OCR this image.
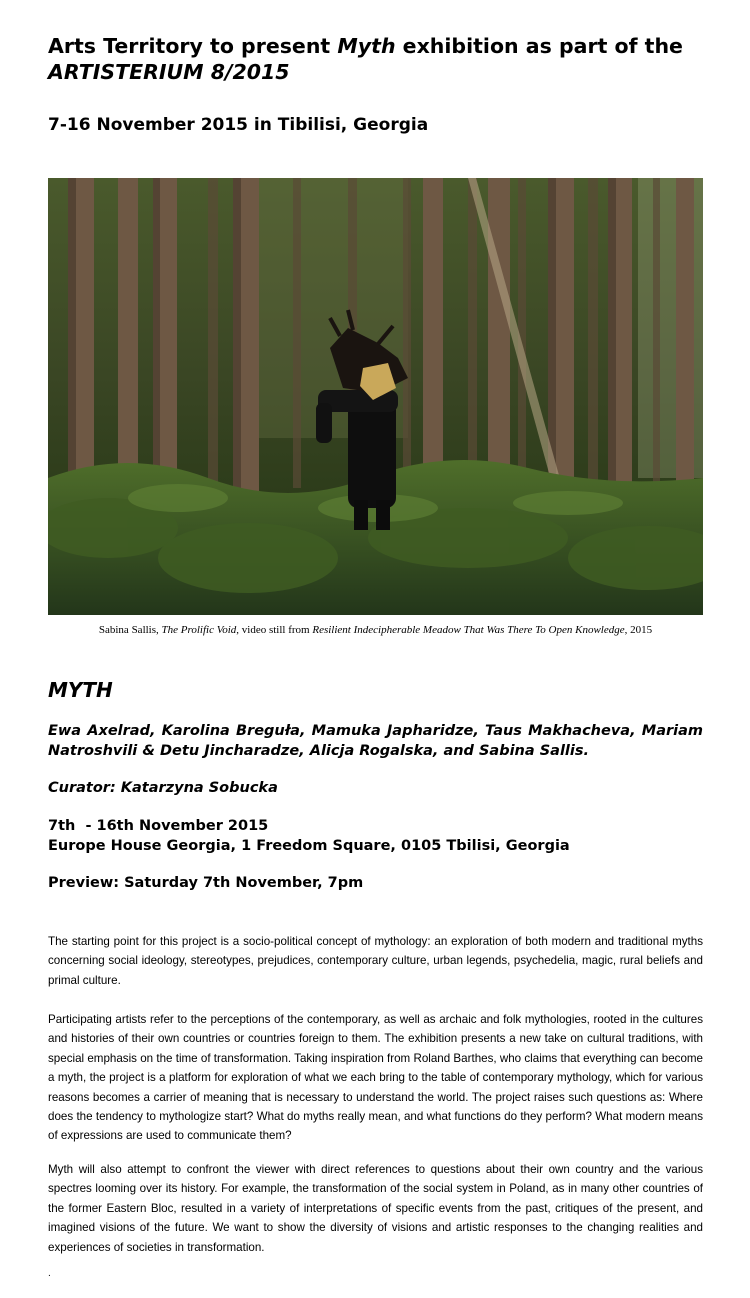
Arts Territory to present Myth exhibition as part of the
ARTISTERIUM 8/2015
7-16 November 2015 in Tibilisi, Georgia

Sabina Sallis, The Prolific Void, video still from Resilient Indecipherable Meadow That Was There To Open Knowledge, 2015

MYTH

Ewa Axelrad, Karolina Breguła, Mamuka Japharidze, Taus Makhacheva, Mariam Natroshvili & Detu Jincharadze, Alicja Rogalska, and Sabina Sallis.

Curator: Katarzyna Sobucka

7th  - 16th November 2015
Europe House Georgia, 1 Freedom Square, 0105 Tbilisi, Georgia

Preview: Saturday 7th November, 7pm

The starting point for this project is a socio-political concept of mythology: an exploration of both modern and traditional myths concerning social ideology, stereotypes, prejudices, contemporary culture, urban legends, psychedelia, magic, rural beliefs and primal culture.

Participating artists refer to the perceptions of the contemporary, as well as archaic and folk mythologies, rooted in the cultures and histories of their own countries or countries foreign to them. The exhibition presents a new take on cultural traditions, with special emphasis on the time of transformation. Taking inspiration from Roland Barthes, who claims that everything can become a myth, the project is a platform for exploration of what we each bring to the table of contemporary mythology, which for various reasons becomes a carrier of meaning that is necessary to understand the world. The project raises such questions as: Where does the tendency to mythologize start? What do myths really mean, and what functions do they perform? What modern means of expressions are used to communicate them?

Myth will also attempt to confront the viewer with direct references to questions about their own country and the various spectres looming over its history. For example, the transformation of the social system in Poland, as in many other countries of the former Eastern Bloc, resulted in a variety of interpretations of specific events from the past, critiques of the present, and imagined visions of the future. We want to show the diversity of visions and artistic responses to the changing realities and experiences of societies in transformation.

.
